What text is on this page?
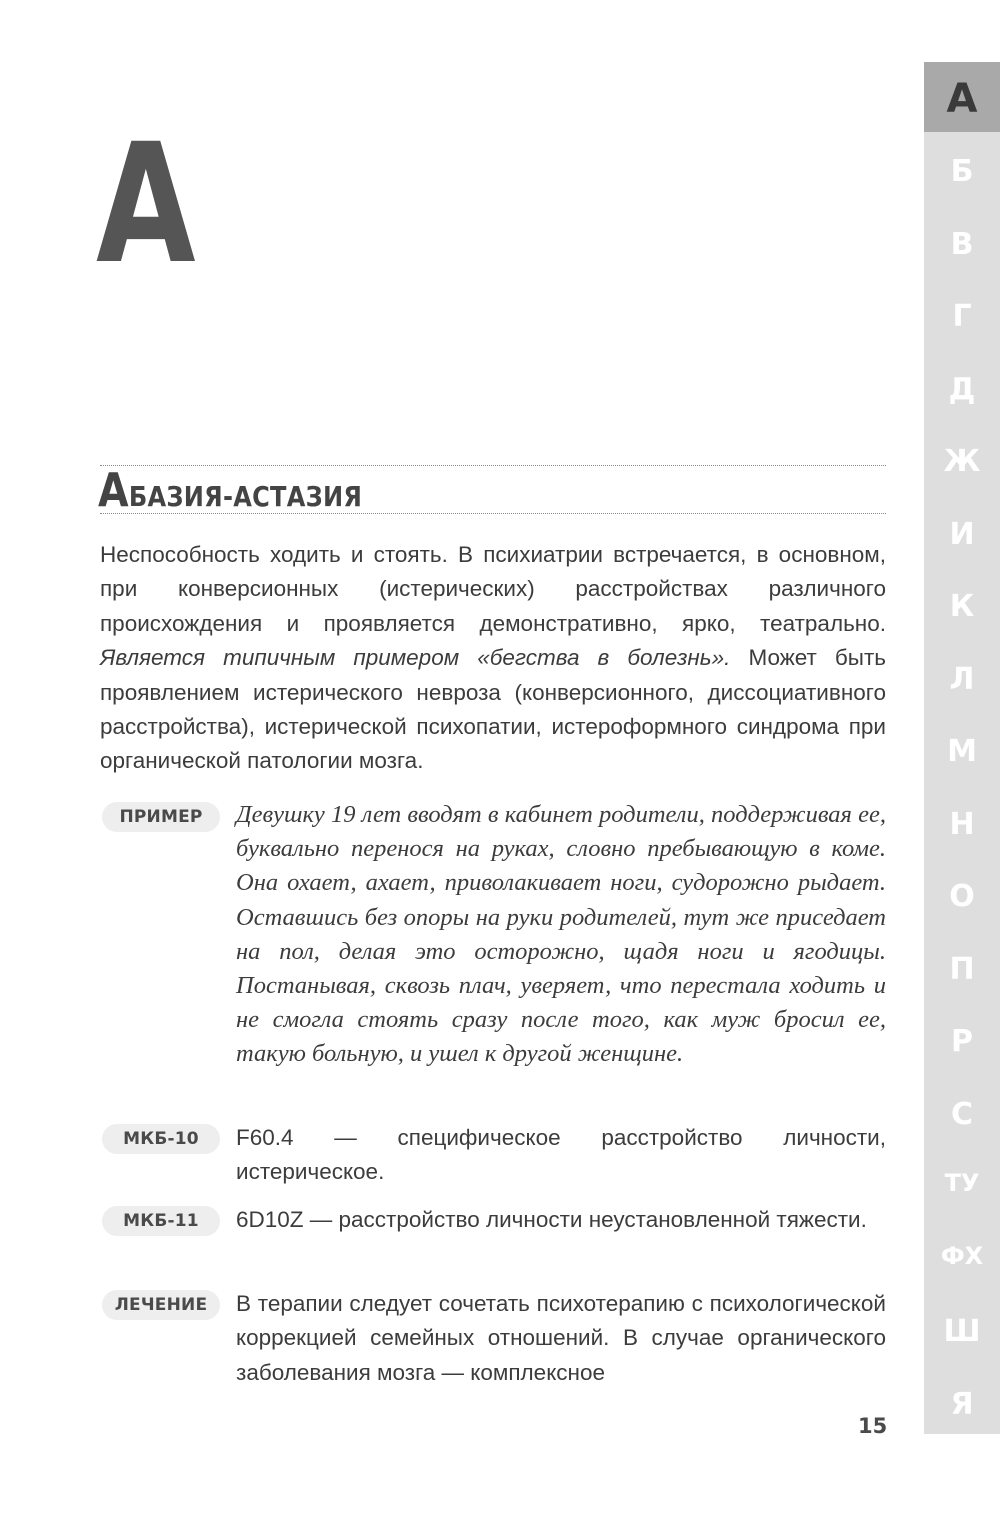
А
АБАЗИЯ-АСТАЗИЯ
Неспособность ходить и стоять. В психиатрии встречается, в основном, при конверсионных (истерических) расстройствах различного происхождения и проявляется демонстративно, ярко, театрально. Является типичным примером «бегства в болезнь». Может быть проявлением истерического невроза (конверсионного, диссоциативного расстройства), истерической психопатии, истероформного синдрома при органической патологии мозга.
ПРИМЕР	Девушку 19 лет вводят в кабинет родители, поддерживая ее, буквально перенося на руках, словно пребывающую в коме. Она охает, ахает, приволакивает ноги, судорожно рыдает. Оставшись без опоры на руки родителей, тут же приседает на пол, делая это осторожно, щадя ноги и ягодицы. Постанывая, сквозь плач, уверяет, что перестала ходить и не смогла стоять сразу после того, как муж бросил ее, такую больную, и ушел к другой женщине.
МКБ-10	F60.4 — специфическое расстройство личности, истерическое.
МКБ-11	6D10Z — расстройство личности неустановленной тяжести.
ЛЕЧЕНИЕ	В терапии следует сочетать психотерапию с психологической коррекцией семейных отношений. В случае органического заболевания мозга — комплексное
15
А
Б
В
Г
Д
Ж
И
К
Л
М
Н
О
П
Р
С
ТУ
ФХ
Ш
Я
